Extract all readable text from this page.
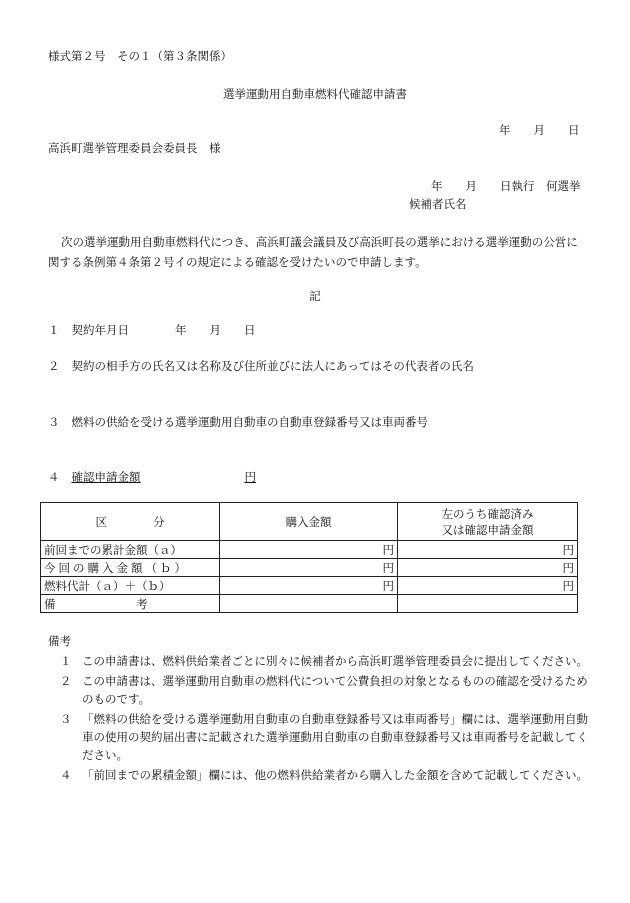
様式第２号　その１（第３条関係）
選挙運動用自動車燃料代確認申請書
年　　月　　日
高浜町選挙管理委員会委員長　様
年　　月　　日執行　何選挙
候補者氏名
次の選挙運動用自動車燃料代につき、高浜町議会議員及び高浜町長の選挙における選挙運動の公営に関する条例第４条第２号イの規定による確認を受けたいので申請します。
記
１ 契約年月日	年　　月　　日
２ 契約の相手方の氏名又は名称及び住所並びに法人にあってはその代表者の氏名
３ 燃料の供給を受ける選挙運動用自動車の自動車登録番号又は車両番号
４ 確認申請金額	円
区 分	購入金額	左のうち確認済み
又は確認申請金額
前回までの累計金額（ａ）	円	円
今回の購入金額（ｂ）	円	円
燃料代計（ａ）＋（ｂ）	円	円
備　　　　　　　考		
備考
１ この申請書は、燃料供給業者ごとに別々に候補者から高浜町選挙管理委員会に提出してください。
２ この申請書は、選挙運動用自動車の燃料代について公費負担の対象となるものの確認を受けるためのものです。
３ 「燃料の供給を受ける選挙運動用自動車の自動車登録番号又は車両番号」欄には、選挙運動用自動車の使用の契約届出書に記載された選挙運動用自動車の自動車登録番号又は車両番号を記載してください。
４ 「前回までの累積金額」欄には、他の燃料供給業者から購入した金額を含めて記載してください。
